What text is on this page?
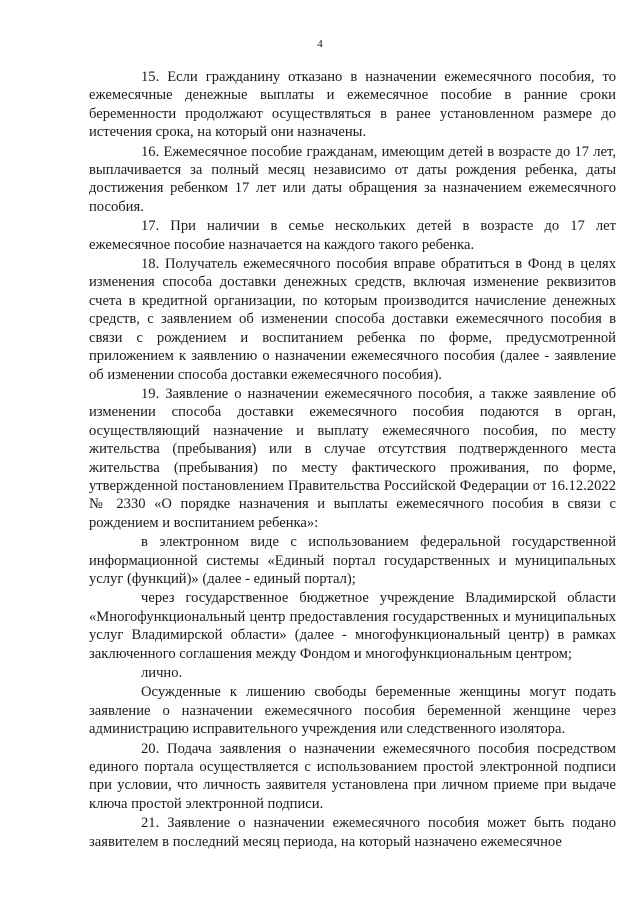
4

15. Если гражданину отказано в назначении ежемесячного пособия, то ежемесячные денежные выплаты и ежемесячное пособие в ранние сроки беременности продолжают осуществляться в ранее установленном размере до истечения срока, на который они назначены.

16. Ежемесячное пособие гражданам, имеющим детей в возрасте до 17 лет, выплачивается за полный месяц независимо от даты рождения ребенка, даты достижения ребенком 17 лет или даты обращения за назначением ежемесячного пособия.

17. При наличии в семье нескольких детей в возрасте до 17 лет ежемесячное пособие назначается на каждого такого ребенка.

18. Получатель ежемесячного пособия вправе обратиться в Фонд в целях изменения способа доставки денежных средств, включая изменение реквизитов счета в кредитной организации, по которым производится начисление денежных средств, с заявлением об изменении способа доставки ежемесячного пособия в связи с рождением и воспитанием ребенка по форме, предусмотренной приложением к заявлению о назначении ежемесячного пособия (далее - заявление об изменении способа доставки ежемесячного пособия).

19. Заявление о назначении ежемесячного пособия, а также заявление об изменении способа доставки ежемесячного пособия подаются в орган, осуществляющий назначение и выплату ежемесячного пособия, по месту жительства (пребывания) или в случае отсутствия подтвержденного места жительства (пребывания) по месту фактического проживания, по форме, утвержденной постановлением Правительства Российской Федерации от 16.12.2022 № 2330 «О порядке назначения и выплаты ежемесячного пособия в связи с рождением и воспитанием ребенка»:

в электронном виде с использованием федеральной государственной информационной системы «Единый портал государственных и муниципальных услуг (функций)» (далее - единый портал);

через государственное бюджетное учреждение Владимирской области «Многофункциональный центр предоставления государственных и муниципальных услуг Владимирской области» (далее - многофункциональный центр) в рамках заключенного соглашения между Фондом и многофункциональным центром;

лично.

Осужденные к лишению свободы беременные женщины могут подать заявление о назначении ежемесячного пособия беременной женщине через администрацию исправительного учреждения или следственного изолятора.

20. Подача заявления о назначении ежемесячного пособия посредством единого портала осуществляется с использованием простой электронной подписи при условии, что личность заявителя установлена при личном приеме при выдаче ключа простой электронной подписи.

21. Заявление о назначении ежемесячного пособия может быть подано заявителем в последний месяц периода, на который назначено ежемесячное
